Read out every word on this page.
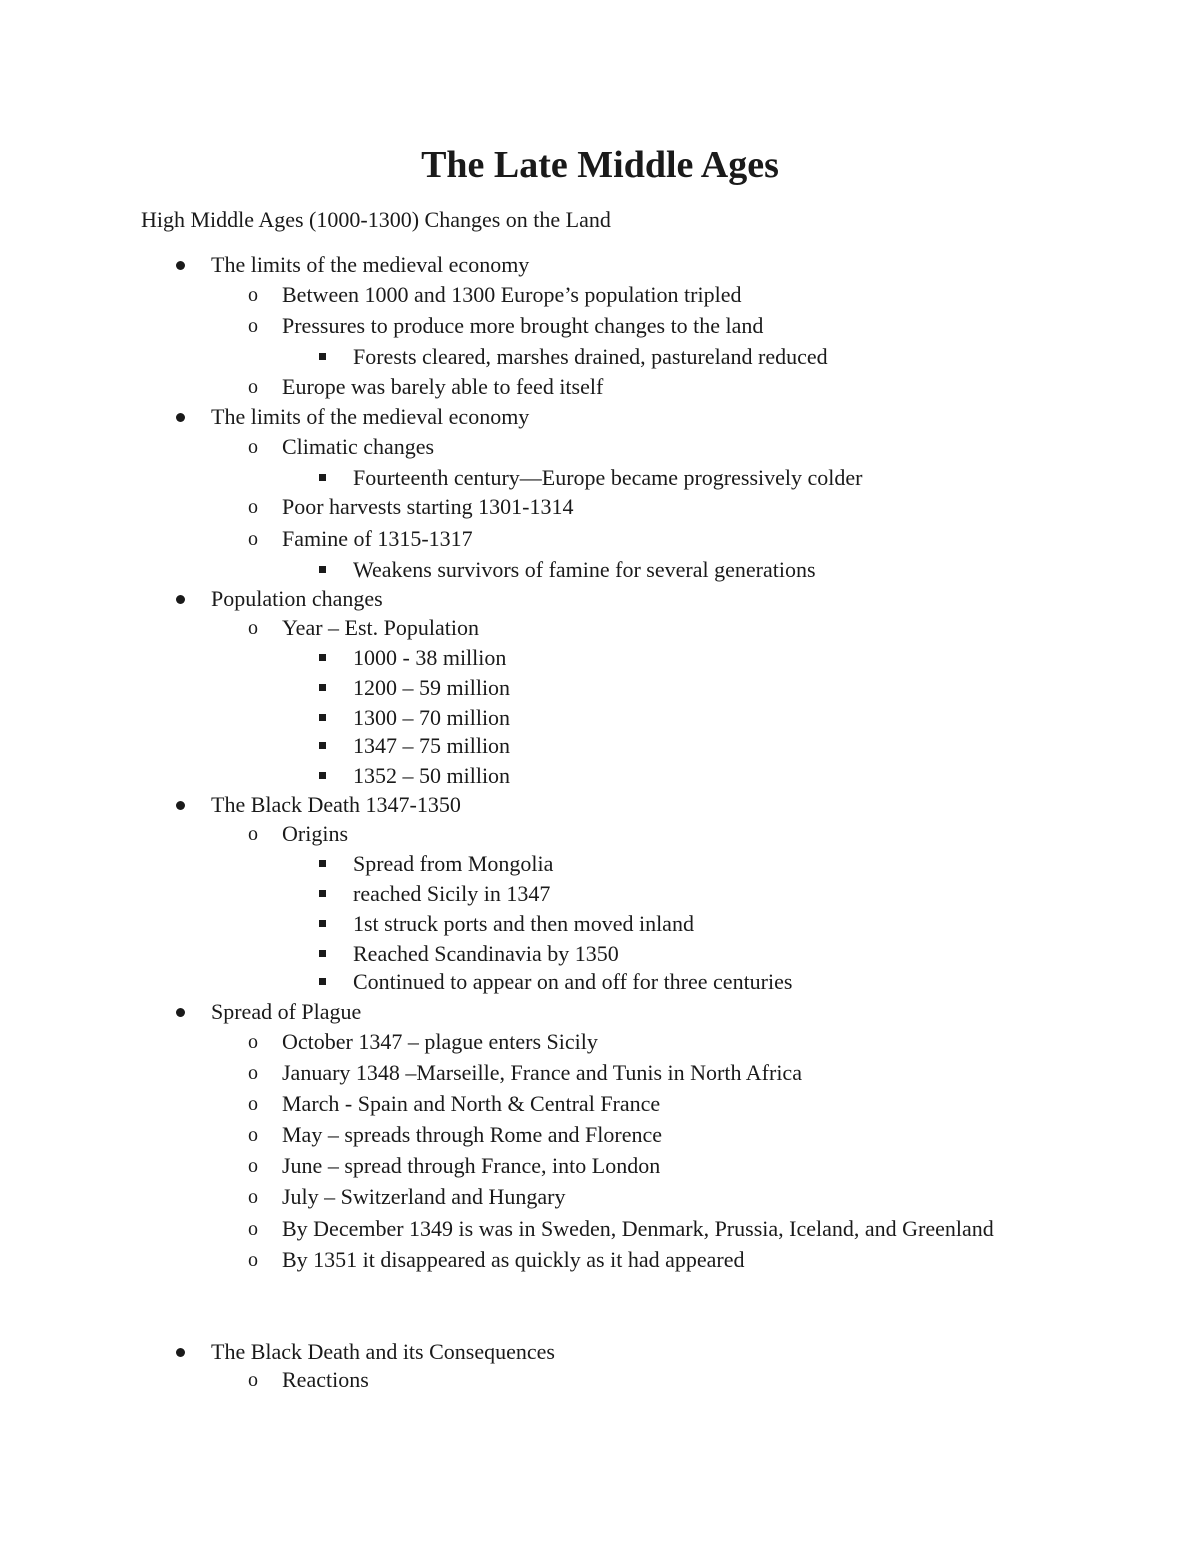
The Late Middle Ages
High Middle Ages (1000-1300) Changes on the Land
The limits of the medieval economy
o Between 1000 and 1300 Europe’s population tripled
o Pressures to produce more brought changes to the land
Forests cleared, marshes drained, pastureland reduced
o Europe was barely able to feed itself
The limits of the medieval economy
o Climatic changes
Fourteenth century—Europe became progressively colder
o Poor harvests starting 1301-1314
o Famine of 1315-1317
Weakens survivors of famine for several generations
Population changes
o Year – Est. Population
1000 - 38 million
1200 – 59 million
1300 – 70 million
1347 – 75 million
1352 – 50 million
The Black Death 1347-1350
o Origins
Spread from Mongolia
reached Sicily in 1347
1st struck ports and then moved inland
Reached Scandinavia by 1350
Continued to appear on and off for three centuries
Spread of Plague
o October 1347 – plague enters Sicily
o January 1348 –Marseille, France and Tunis in North Africa
o March - Spain and North & Central France
o May – spreads through Rome and Florence
o June – spread through France, into London
o July – Switzerland and Hungary
o By December 1349 is was in Sweden, Denmark, Prussia, Iceland, and Greenland
o By 1351 it disappeared as quickly as it had appeared
The Black Death and its Consequences
o Reactions
